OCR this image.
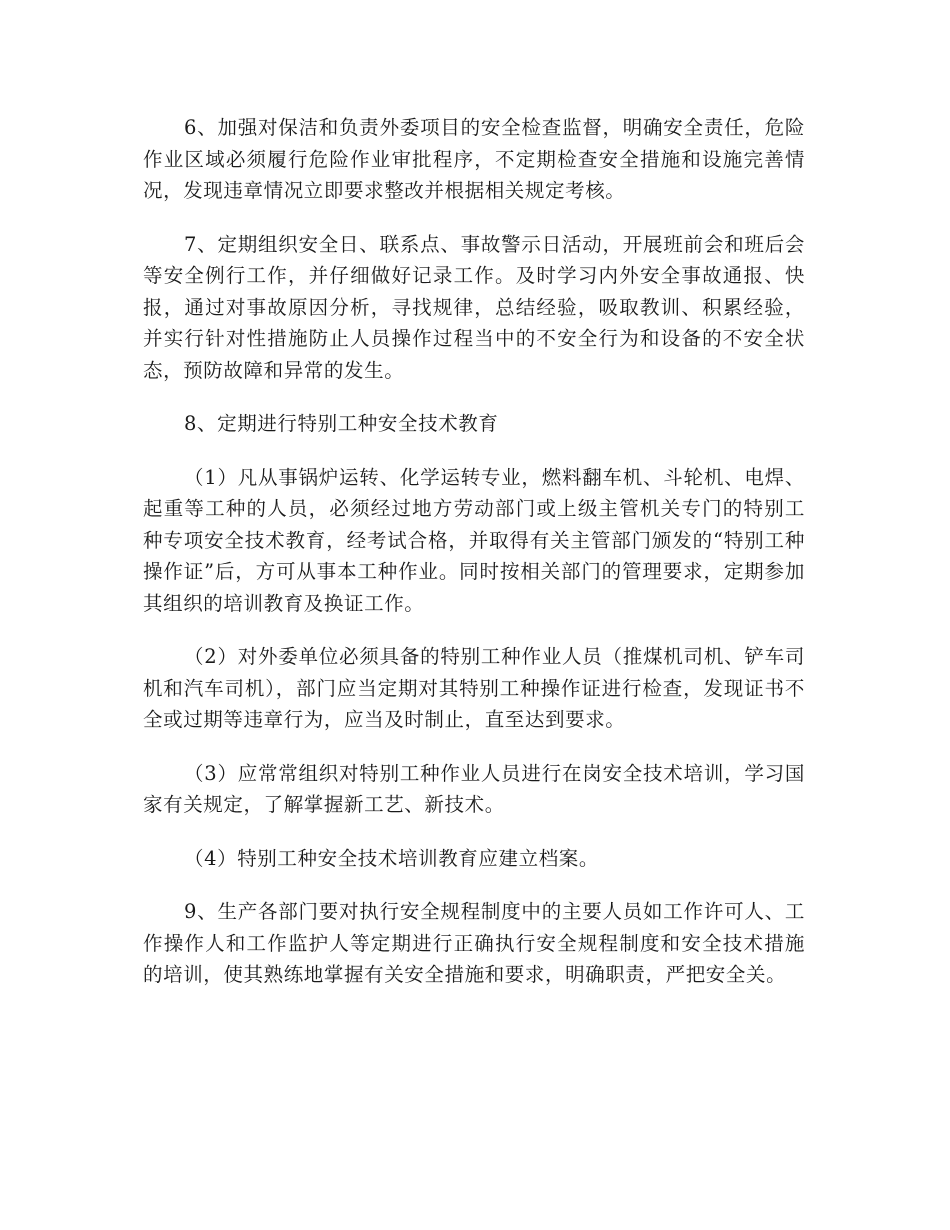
6、加强对保洁和负责外委项目的安全检查监督，明确安全责任，危险作业区域必须履行危险作业审批程序，不定期检查安全措施和设施完善情况，发现违章情况立即要求整改并根据相关规定考核。

7、定期组织安全日、联系点、事故警示日活动，开展班前会和班后会等安全例行工作，并仔细做好记录工作。及时学习内外安全事故通报、快报，通过对事故原因分析，寻找规律，总结经验，吸取教训、积累经验，并实行针对性措施防止人员操作过程当中的不安全行为和设备的不安全状态，预防故障和异常的发生。

8、定期进行特别工种安全技术教育

（1）凡从事锅炉运转、化学运转专业，燃料翻车机、斗轮机、电焊、起重等工种的人员，必须经过地方劳动部门或上级主管机关专门的特别工种专项安全技术教育，经考试合格，并取得有关主管部门颁发的“特别工种操作证”后，方可从事本工种作业。同时按相关部门的管理要求，定期参加其组织的培训教育及换证工作。

（2）对外委单位必须具备的特别工种作业人员（推煤机司机、铲车司机和汽车司机），部门应当定期对其特别工种操作证进行检查，发现证书不全或过期等违章行为，应当及时制止，直至达到要求。

（3）应常常组织对特别工种作业人员进行在岗安全技术培训，学习国家有关规定，了解掌握新工艺、新技术。

（4）特别工种安全技术培训教育应建立档案。

9、生产各部门要对执行安全规程制度中的主要人员如工作许可人、工作操作人和工作监护人等定期进行正确执行安全规程制度和安全技术措施的培训，使其熟练地掌握有关安全措施和要求，明确职责，严把安全关。
